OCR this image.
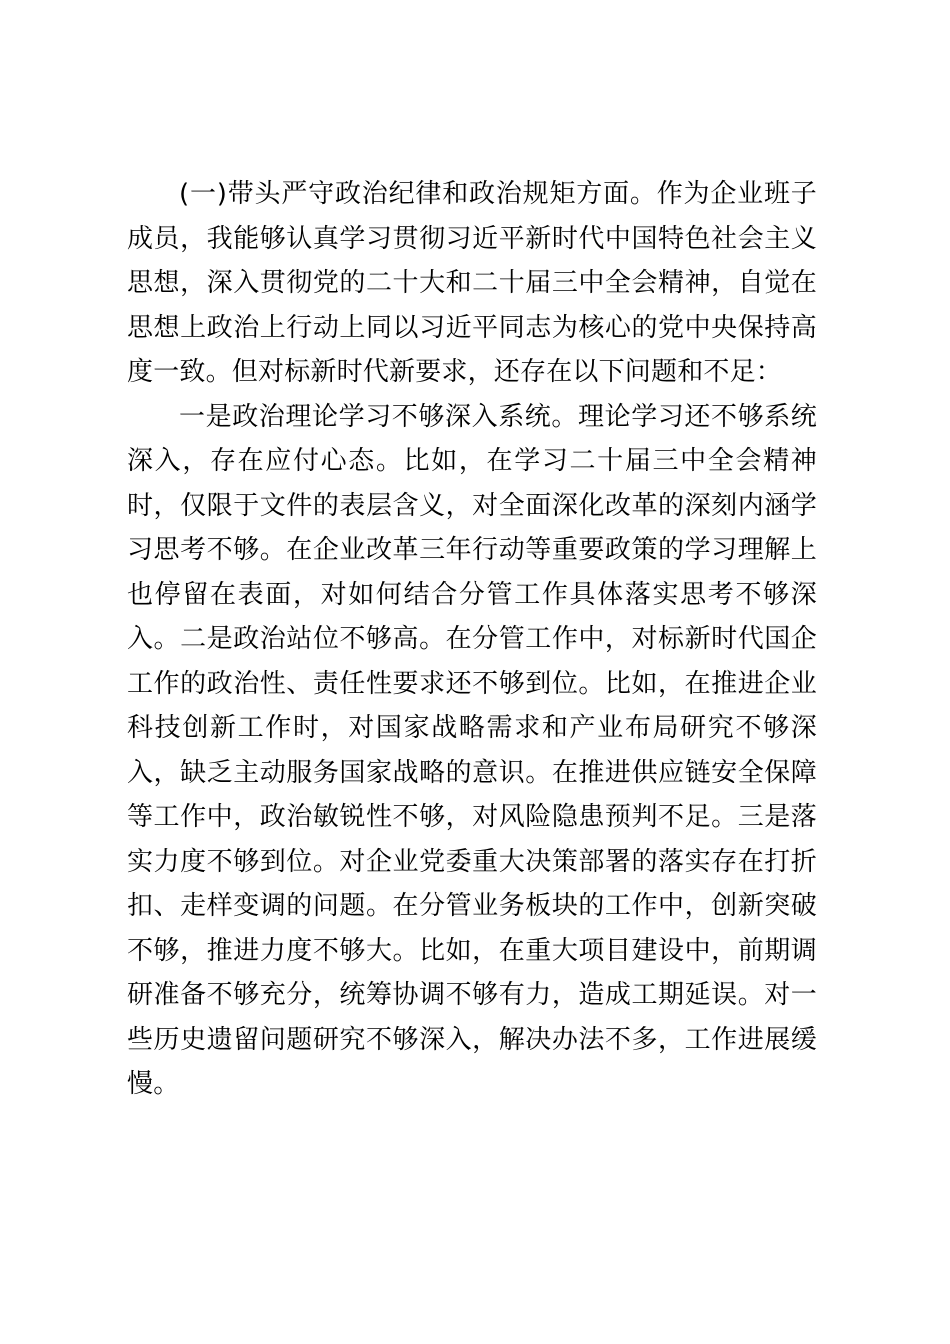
(一)带头严守政治纪律和政治规矩方面。作为企业班子成员，我能够认真学习贯彻习近平新时代中国特色社会主义思想，深入贯彻党的二十大和二十届三中全会精神，自觉在思想上政治上行动上同以习近平同志为核心的党中央保持高度一致。但对标新时代新要求，还存在以下问题和不足：

一是政治理论学习不够深入系统。理论学习还不够系统深入，存在应付心态。比如，在学习二十届三中全会精神时，仅限于文件的表层含义，对全面深化改革的深刻内涵学习思考不够。在企业改革三年行动等重要政策的学习理解上也停留在表面，对如何结合分管工作具体落实思考不够深入。二是政治站位不够高。在分管工作中，对标新时代国企工作的政治性、责任性要求还不够到位。比如，在推进企业科技创新工作时，对国家战略需求和产业布局研究不够深入，缺乏主动服务国家战略的意识。在推进供应链安全保障等工作中，政治敏锐性不够，对风险隐患预判不足。三是落实力度不够到位。对企业党委重大决策部署的落实存在打折扣、走样变调的问题。在分管业务板块的工作中，创新突破不够，推进力度不够大。比如，在重大项目建设中，前期调研准备不够充分，统筹协调不够有力，造成工期延误。对一些历史遗留问题研究不够深入，解决办法不多，工作进展缓慢。
